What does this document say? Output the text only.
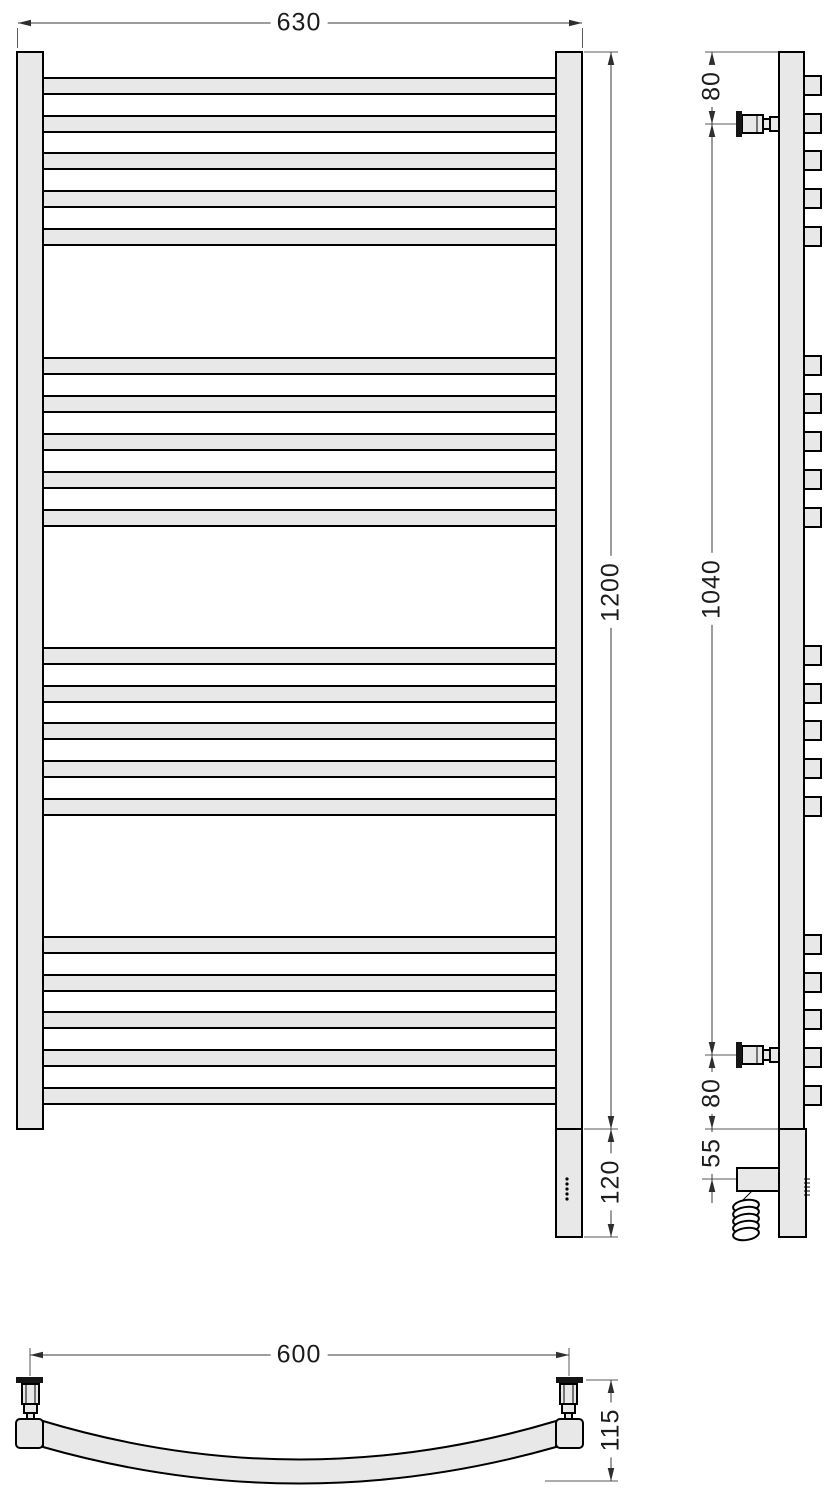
630
1200
120
80
1040
80
55
600
115
